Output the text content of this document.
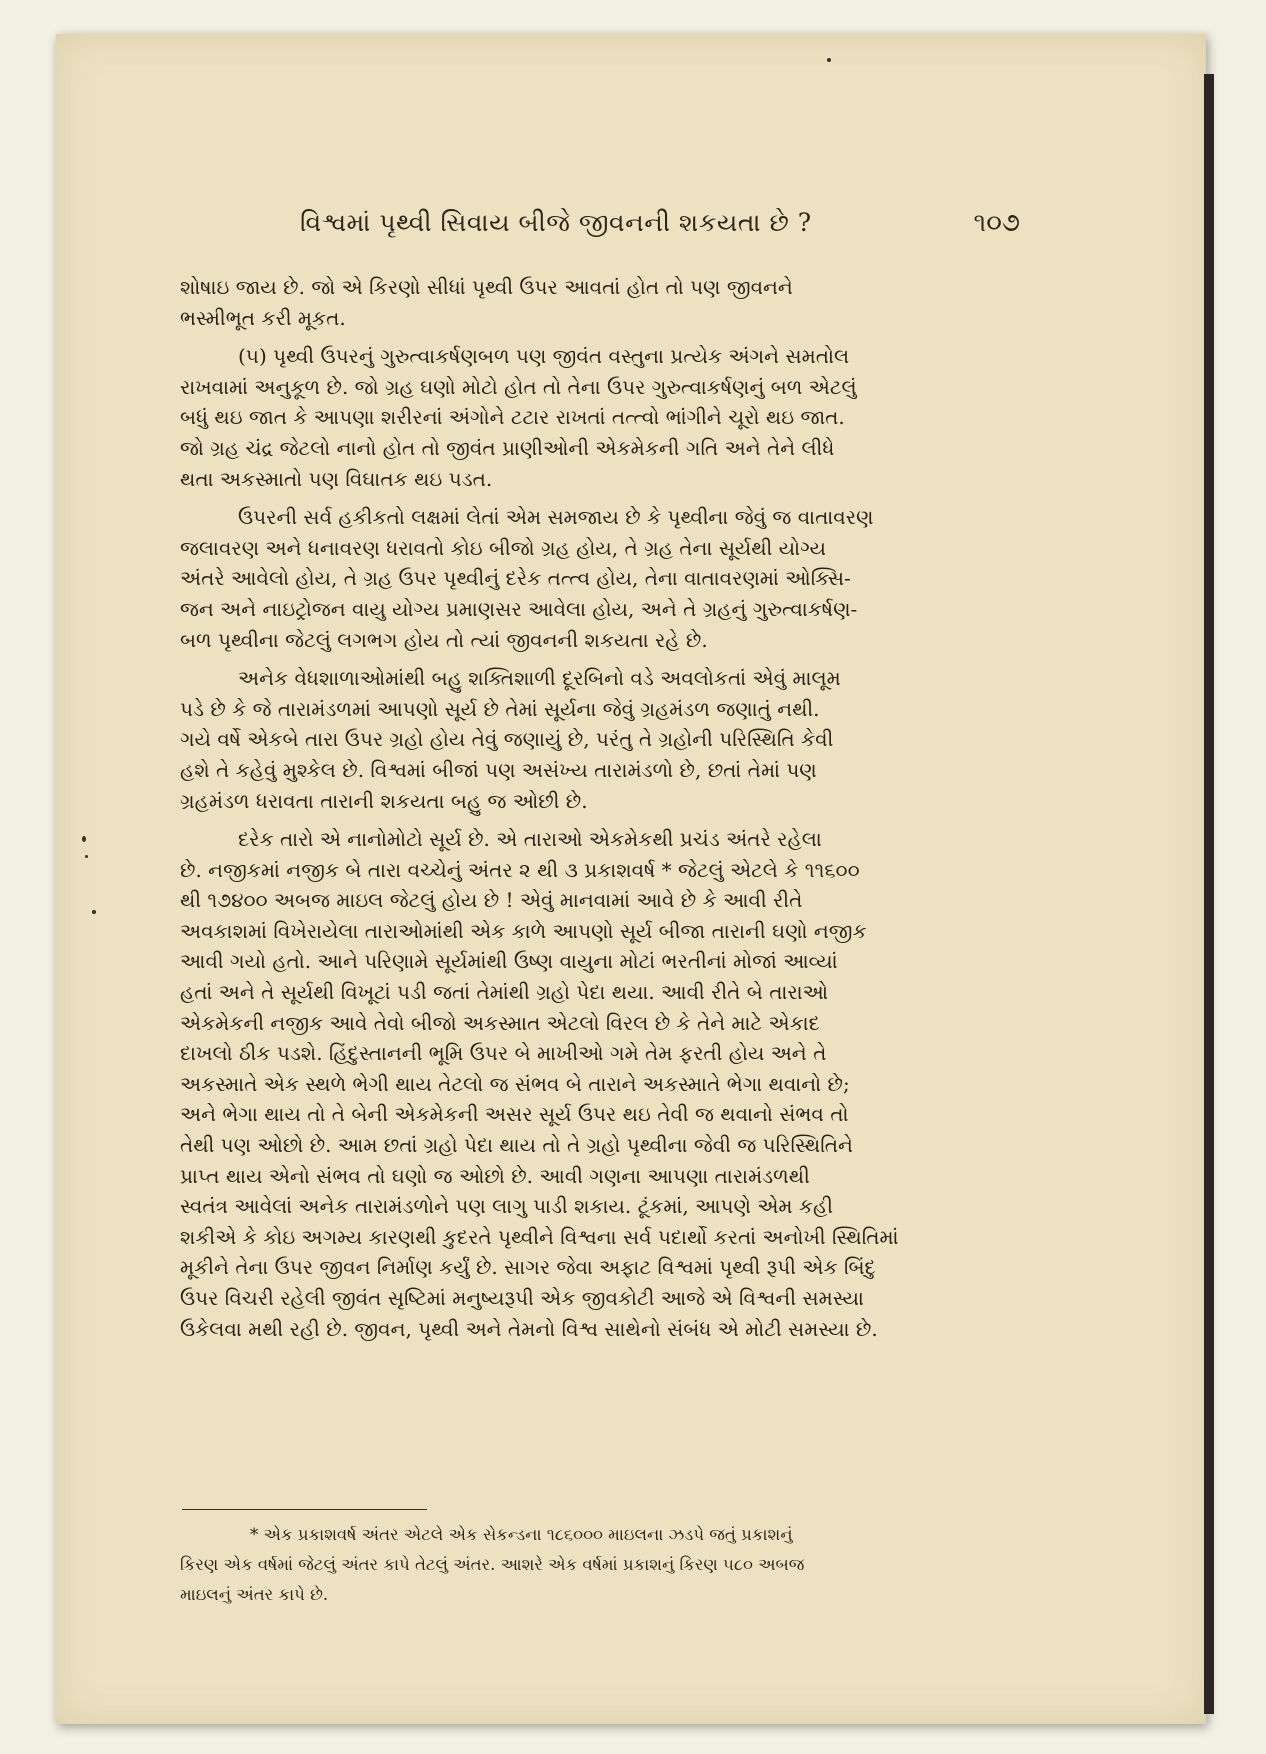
વિશ્વમાં પૃથ્વી સિવાય બીજે જીવનની શકયતા છે ?	૧૦૭
શોષાઇ જાય છે. જો એ કિરણો સીધાં પૃથ્વી ઉપર આવતાં હોત તો પણ જીવનને
ભસ્મીભૂત કરી મૂકત.
(૫) પૃથ્વી ઉપરનું ગુરુત્વાકર્ષણબળ પણ જીવંત વસ્તુના પ્રત્યેક અંગને સમતોલ
રાખવામાં અનુકૂળ છે. જો ગ્રહ ઘણો મોટો હોત તો તેના ઉપર ગુરુત્વાકર્ષણનું બળ એટલું
બધું થઇ જાત કે આપણા શરીરનાં અંગોને ટટાર રાખતાં તત્ત્વો ભાંગીને ચૂરો થઇ જાત.
જો ગ્રહ ચંદ્ર જેટલો નાનો હોત તો જીવંત પ્રાણીઓની એકમેકની ગતિ અને તેને લીધે
થતા અકસ્માતો પણ વિઘાતક થઇ પડત.
ઉપરની સર્વ હકીકતો લક્ષમાં લેતાં એમ સમજાય છે કે પૃથ્વીના જેવું જ વાતાવરણ
જલાવરણ અને ધનાવરણ ધરાવતો કોઇ બીજો ગ્રહ હોય, તે ગ્રહ તેના સૂર્યથી યોગ્ય
અંતરે આવેલો હોય, તે ગ્રહ ઉપર પૃથ્વીનું દરેક તત્ત્વ હોય, તેના વાતાવરણમાં ઓક્સિ-
જન અને નાઇટ્રોજન વાયુ યોગ્ય પ્રમાણસર આવેલા હોય, અને તે ગ્રહનું ગુરુત્વાકર્ષણ-
બળ પૃથ્વીના જેટલું લગભગ હોય તો ત્યાં જીવનની શકયતા રહે છે.
અનેક વેધશાળાઓમાંથી બહુ શક્તિશાળી દૂરબિનો વડે અવલોકતાં એવું માલૂમ
પડે છે કે જે તારામંડળમાં આપણો સૂર્ય છે તેમાં સૂર્યના જેવું ગ્રહમંડળ જણાતું નથી.
ગયે વર્ષે એકબે તારા ઉપર ગ્રહો હોય તેવું જણાયું છે, પરંતુ તે ગ્રહોની પરિસ્થિતિ કેવી
હશે તે કહેવું મુશ્કેલ છે. વિશ્વમાં બીજાં પણ અસંખ્ય તારામંડળો છે, છતાં તેમાં પણ
ગ્રહમંડળ ધરાવતા તારાની શકયતા બહુ જ ઓછી છે.
દરેક તારો એ નાનોમોટો સૂર્ય છે. એ તારાઓ એકમેકથી પ્રચંડ અંતરે રહેલા
છે. નજીકમાં નજીક બે તારા વચ્ચેનું અંતર ૨ થી ૩ પ્રકાશવર્ષ * જેટલું એટલે કે ૧૧૬૦૦
થી ૧૭૪૦૦ અબજ માઇલ જેટલું હોય છે ! એવું માનવામાં આવે છે કે આવી રીતે
અવકાશમાં વિખેરાયેલા તારાઓમાંથી એક કાળે આપણો સૂર્ય બીજા તારાની ઘણો નજીક
આવી ગયો હતો. આને પરિણામે સૂર્યમાંથી ઉષ્ણ વાયુના મોટાં ભરતીનાં મોજાં આવ્યાં
હતાં અને તે સૂર્યથી વિખૂટાં પડી જતાં તેમાંથી ગ્રહો પેદા થયા. આવી રીતે બે તારાઓ
એકમેકની નજીક આવે તેવો બીજો અકસ્માત એટલો વિરલ છે કે તેને માટે એકાદ
દાખલો ઠીક પડશે. હિંદુસ્તાનની ભૂમિ ઉપર બે માખીઓ ગમે તેમ ફરતી હોય અને તે
અકસ્માતે એક સ્થળે ભેગી થાય તેટલો જ સંભવ બે તારાને અકસ્માતે ભેગા થવાનો છે;
અને ભેગા થાય તો તે બેની એકમેકની અસર સૂર્ય ઉપર થઇ તેવી જ થવાનો સંભવ તો
તેથી પણ ઓછો છે. આમ છતાં ગ્રહો પેદા થાય તો તે ગ્રહો પૃથ્વીના જેવી જ પરિસ્થિતિને
પ્રાપ્ત થાય એનો સંભવ તો ઘણો જ ઓછો છે. આવી ગણના આપણા તારામંડળથી
સ્વતંત્ર આવેલાં અનેક તારામંડળોને પણ લાગુ પાડી શકાય. ટૂંકમાં, આપણે એમ કહી
શકીએ કે કોઇ અગમ્ય કારણથી કુદરતે પૃથ્વીને વિશ્વના સર્વ પદાર્થો કરતાં અનોખી સ્થિતિમાં
મૂકીને તેના ઉપર જીવન નિર્માણ કર્યું છે. સાગર જેવા અફાટ વિશ્વમાં પૃથ્વી રૂપી એક બિંદુ
ઉપર વિચરી રહેલી જીવંત સૃષ્ટિમાં મનુષ્યરૂપી એક જીવકોટી આજે એ વિશ્વની સમસ્યા
ઉકેલવા મથી રહી છે. જીવન, પૃથ્વી અને તેમનો વિશ્વ સાથેનો સંબંધ એ મોટી સમસ્યા છે.
* એક પ્રકાશવર્ષ અંતર એટલે એક સેકન્ડના ૧૮૬૦૦૦ માઇલના ઝડપે જતું પ્રકાશનું
કિરણ એક વર્ષમાં જેટલું અંતર કાપે તેટલું અંતર. આશરે એક વર્ષમાં પ્રકાશનું કિરણ ૫૮૦ અબજ
માઇલનું અંતર કાપે છે.
